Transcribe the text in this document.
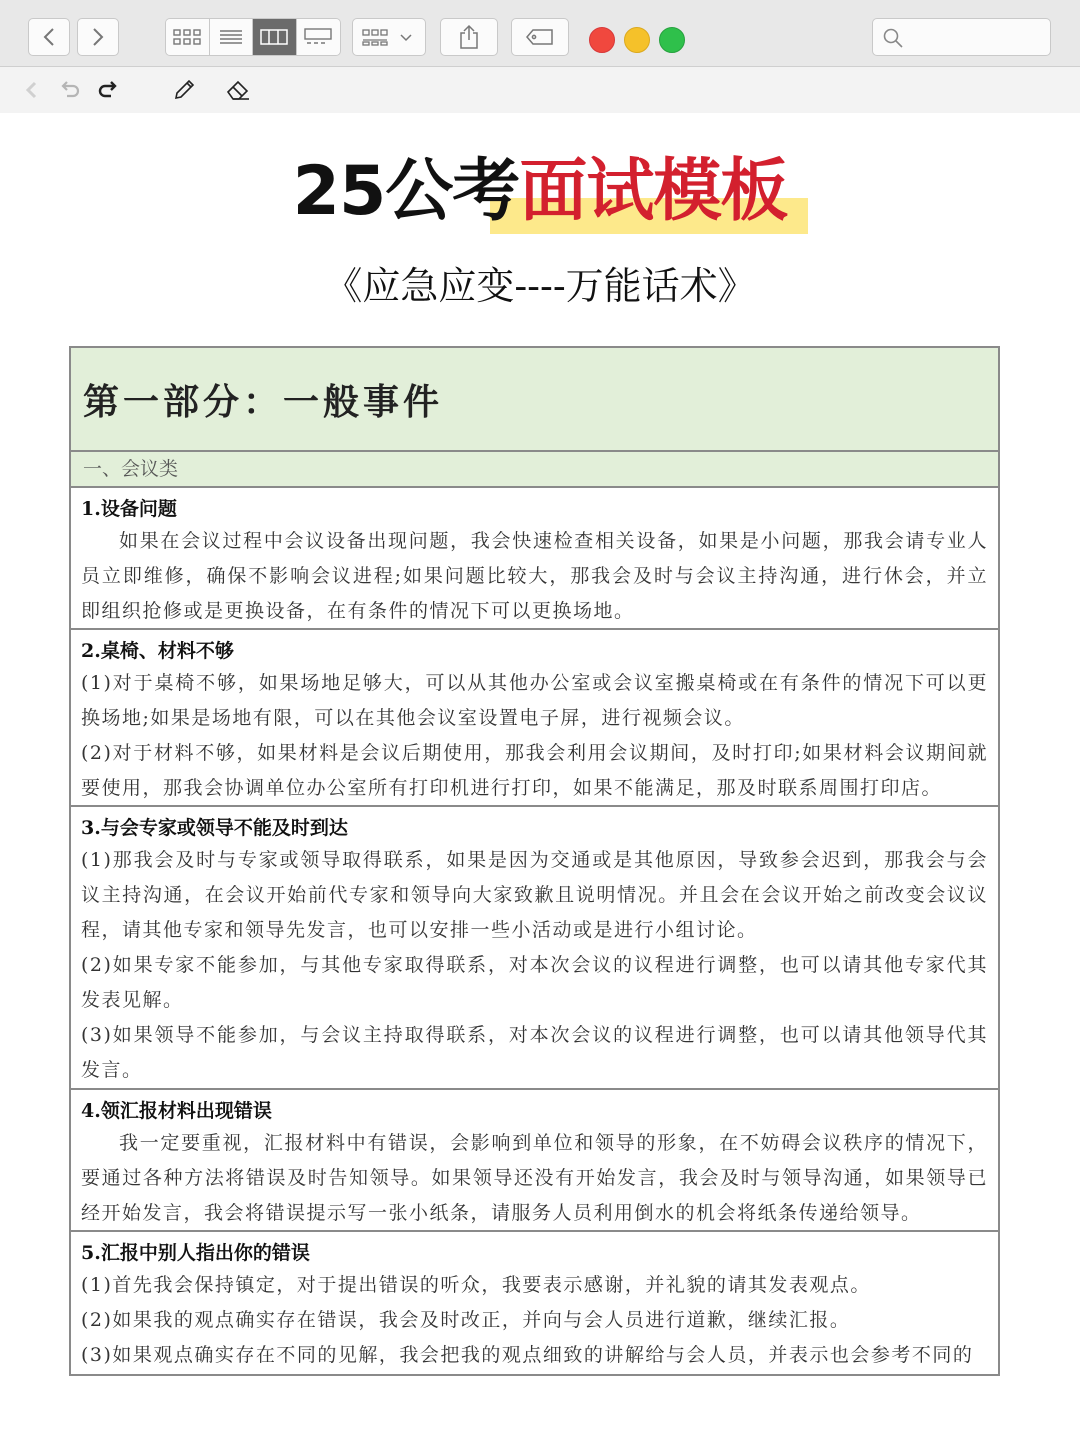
25公考面试模板
《应急应变----万能话术》
第一部分：一般事件
一、会议类
1.设备问题
如果在会议过程中会议设备出现问题，我会快速检查相关设备，如果是小问题，那我会请专业人员立即维修，确保不影响会议进程;如果问题比较大，那我会及时与会议主持沟通，进行休会，并立即组织抢修或是更换设备，在有条件的情况下可以更换场地。
2.桌椅、材料不够
(1)对于桌椅不够，如果场地足够大，可以从其他办公室或会议室搬桌椅或在有条件的情况下可以更换场地;如果是场地有限，可以在其他会议室设置电子屏，进行视频会议。
(2)对于材料不够，如果材料是会议后期使用，那我会利用会议期间，及时打印;如果材料会议期间就要使用，那我会协调单位办公室所有打印机进行打印，如果不能满足，那及时联系周围打印店。
3.与会专家或领导不能及时到达
(1)那我会及时与专家或领导取得联系，如果是因为交通或是其他原因，导致参会迟到，那我会与会议主持沟通，在会议开始前代专家和领导向大家致歉且说明情况。并且会在会议开始之前改变会议议程，请其他专家和领导先发言，也可以安排一些小活动或是进行小组讨论。
(2)如果专家不能参加，与其他专家取得联系，对本次会议的议程进行调整，也可以请其他专家代其发表见解。
(3)如果领导不能参加，与会议主持取得联系，对本次会议的议程进行调整，也可以请其他领导代其发言。
4.领汇报材料出现错误
我一定要重视，汇报材料中有错误，会影响到单位和领导的形象，在不妨碍会议秩序的情况下，要通过各种方法将错误及时告知领导。如果领导还没有开始发言，我会及时与领导沟通，如果领导已经开始发言，我会将错误提示写一张小纸条，请服务人员利用倒水的机会将纸条传递给领导。
5.汇报中别人指出你的错误
(1)首先我会保持镇定，对于提出错误的听众，我要表示感谢，并礼貌的请其发表观点。
(2)如果我的观点确实存在错误，我会及时改正，并向与会人员进行道歉，继续汇报。
(3)如果观点确实存在不同的见解，我会把我的观点细致的讲解给与会人员，并表示也会参考不同的
